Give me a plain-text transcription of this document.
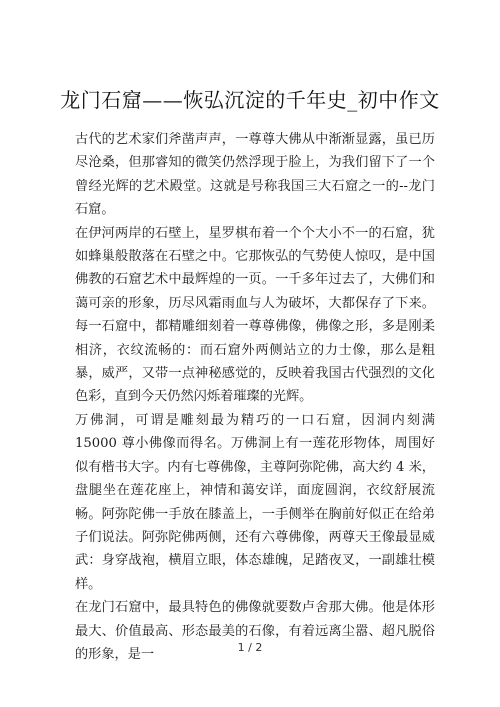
龙门石窟——恢弘沉淀的千年史_初中作文

古代的艺术家们斧凿声声，一尊尊大佛从中渐渐显露，虽已历尽沧桑，但那睿知的微笑仍然浮现于脸上，为我们留下了一个曾经光辉的艺术殿堂。这就是号称我国三大石窟之一的--龙门石窟。

在伊河两岸的石壁上，星罗棋布着一个个大小不一的石窟，犹如蜂巢般散落在石壁之中。它那恢弘的气势使人惊叹，是中国佛教的石窟艺术中最辉煌的一页。一千多年过去了，大佛们和蔼可亲的形象，历尽风霜雨血与人为破坏，大都保存了下来。每一石窟中，都精雕细刻着一尊尊佛像，佛像之形，多是刚柔相济，衣纹流畅的：而石窟外两侧站立的力士像，那么是粗暴，威严，又带一点神秘感觉的，反映着我国古代强烈的文化色彩，直到今天仍然闪烁着璀璨的光辉。

万佛洞，可谓是雕刻最为精巧的一口石窟，因洞内刻满 15000 尊小佛像而得名。万佛洞上有一莲花形物体，周围好似有楷书大字。内有七尊佛像，主尊阿弥陀佛，高大约 4 米，盘腿坐在莲花座上，神情和蔼安详，面庞圆润，衣纹舒展流畅。阿弥陀佛一手放在膝盖上，一手侧举在胸前好似正在给弟子们说法。阿弥陀佛两侧，还有六尊佛像，两尊天王像最显威武：身穿战袍，横眉立眼，体态雄魄，足踏夜叉，一副雄壮模样。

在龙门石窟中，最具特色的佛像就要数卢舍那大佛。他是体形最大、价值最高、形态最美的石像，有着远离尘嚣、超凡脱俗的形象，是一	1 / 2
